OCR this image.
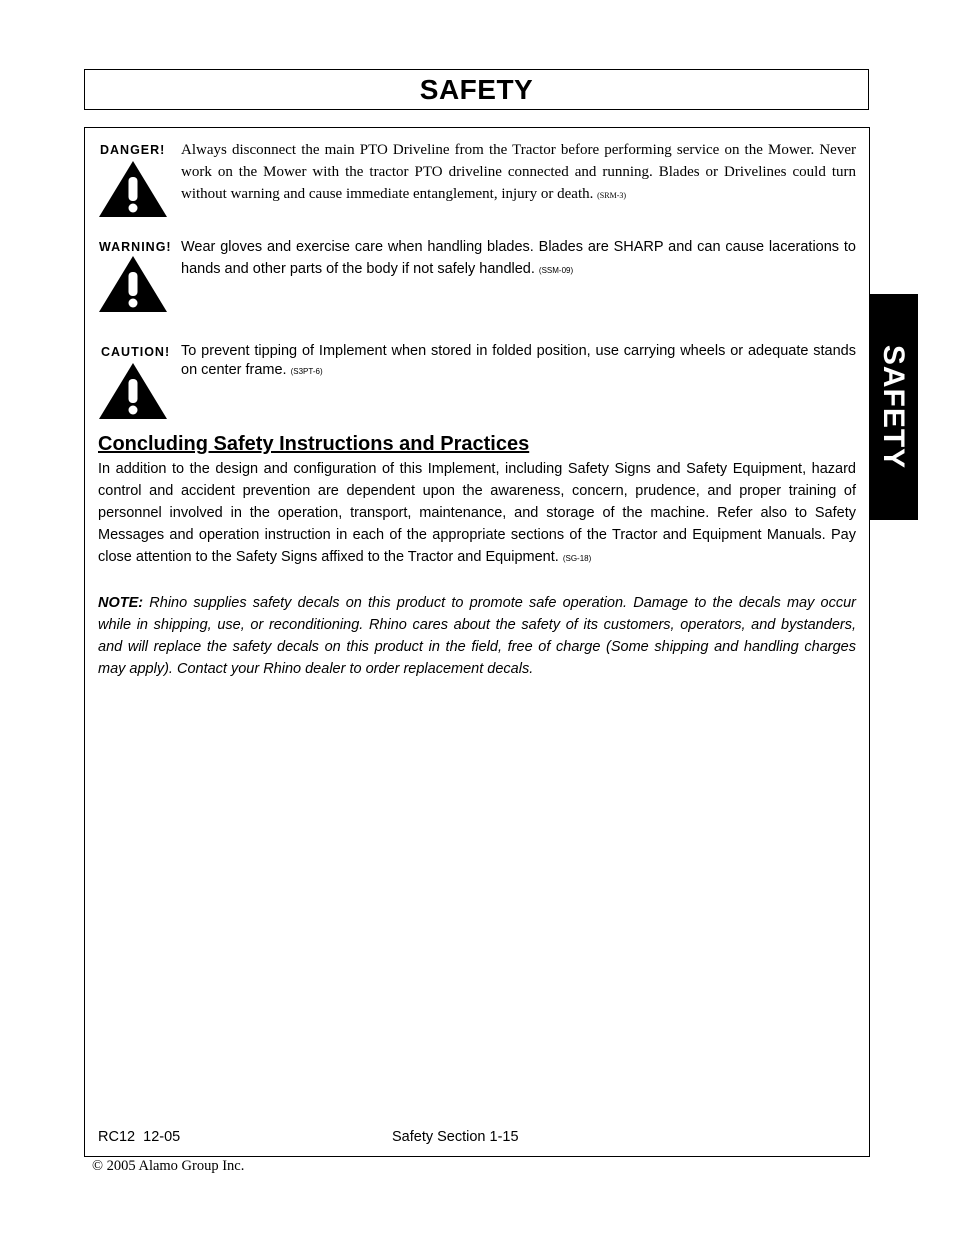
SAFETY
SAFETY
DANGER! Always disconnect the main PTO Driveline from the Tractor before performing service on the Mower. Never work on the Mower with the tractor PTO driveline connected and running. Blades or Drivelines could turn without warning and cause immediate entanglement, injury or death. (SRM-3)
WARNING! Wear gloves and exercise care when handling blades. Blades are SHARP and can cause lacerations to hands and other parts of the body if not safely handled. (SSM-09)
CAUTION! To prevent tipping of Implement when stored in folded position, use carrying wheels or adequate stands on center frame. (S3PT-6)
Concluding Safety Instructions and Practices
In addition to the design and configuration of this Implement, including Safety Signs and Safety Equipment, hazard control and accident prevention are dependent upon the awareness, concern, prudence, and proper training of personnel involved in the operation, transport, maintenance, and storage of the machine. Refer also to Safety Messages and operation instruction in each of the appropriate sections of the Tractor and Equipment Manuals. Pay close attention to the Safety Signs affixed to the Tractor and Equipment. (SG-18)
NOTE: Rhino supplies safety decals on this product to promote safe operation. Damage to the decals may occur while in shipping, use, or reconditioning. Rhino cares about the safety of its customers, operators, and bystanders, and will replace the safety decals on this product in the field, free of charge (Some shipping and handling charges may apply). Contact your Rhino dealer to order replacement decals.
RC12  12-05	Safety Section 1-15
© 2005 Alamo Group Inc.
